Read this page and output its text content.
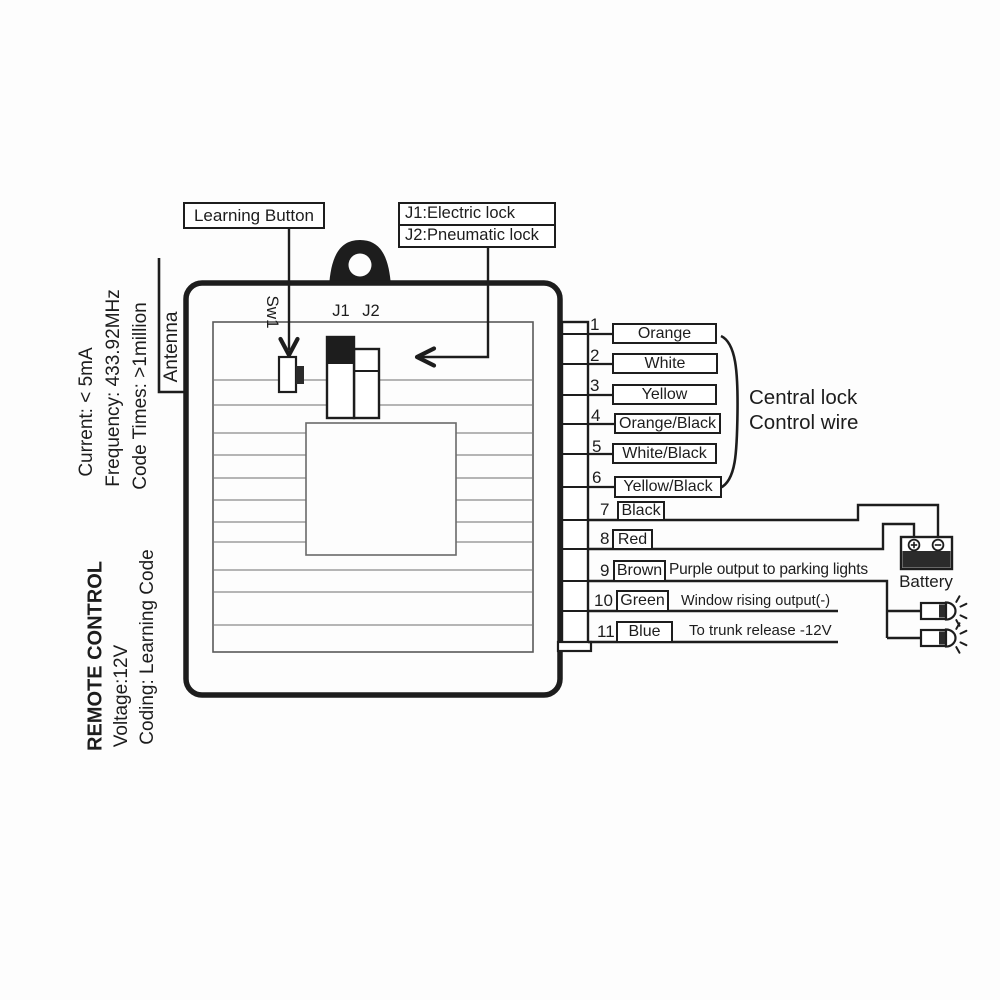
Learning Button	J1:Electric lock
J2:Pneumatic lock
Sw1	J1 J2
Antenna
Current: < 5mA Frequency: 433.92MHz Code Times: >1million
REMOTE CONTROL Voltage:12V Coding: Learning Code
1	Orange
2	White
3	Yellow
4	Orange/Black
5	White/Black
6	Yellow/Black
7 Black
8 Red
9 Brown Purple output to parking lights
10 Green Window rising output(-)
11 Blue	To trunk release -12V
Central lock
Control wire
Battery
